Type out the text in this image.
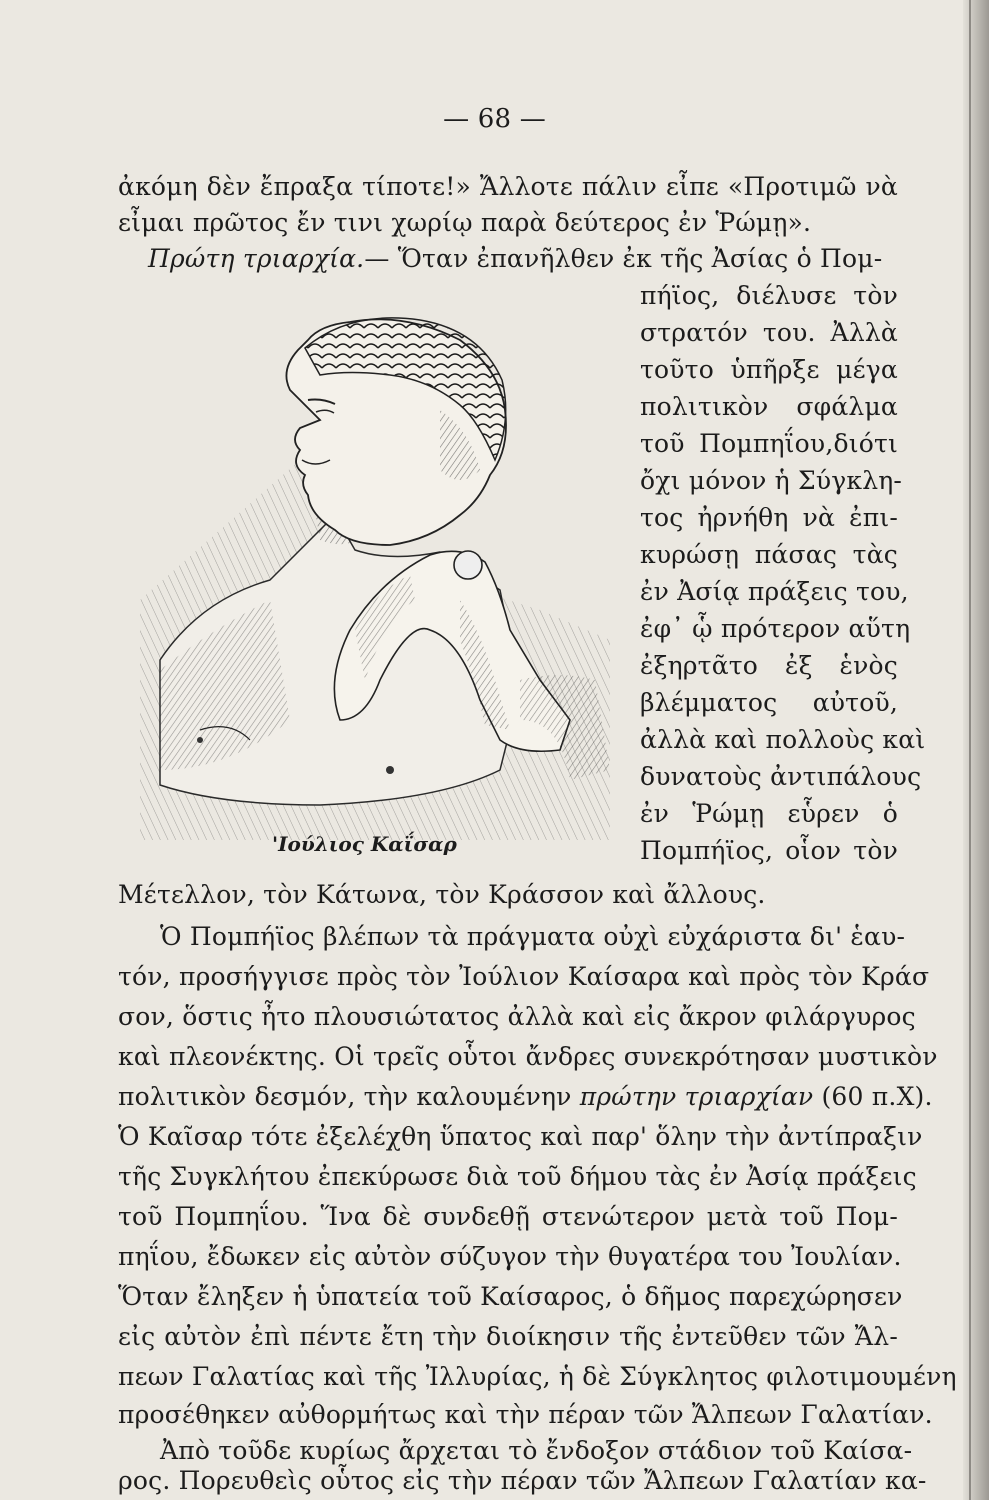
— 68 —
ἀκόμη δὲν ἔπραξα τίποτε!» Ἄλλοτε πάλιν εἶπε «Προτιμῶ νὰ
εἶμαι πρῶτος ἔν τινι χωρίῳ παρὰ δεύτερος ἐν Ῥώμῃ».
Πρώτη τριαρχία.— Ὅταν ἐπανῆλθεν ἐκ τῆς Ἀσίας ὁ Πομ-
πήϊος, διέλυσε τὸν
στρατόν του. Ἀλλὰ
τοῦτο ὑπῆρξε μέγα
πολιτικὸν σφάλμα
τοῦ Πομπηΐου,διότι
ὄχι μόνον ἡ Σύγκλη-
τος ἠρνήθη νὰ ἐπι-
κυρώσῃ πάσας τὰς
ἐν Ἀσίᾳ πράξεις του,
ἐφ᾽ ᾧ πρότερον αὕτη
ἐξηρτᾶτο ἐξ ἑνὸς
βλέμματος αὐτοῦ,
ἀλλὰ καὶ πολλοὺς καὶ
δυνατοὺς ἀντιπάλους
ἐν Ῥώμῃ εὗρεν ὁ
Πομπήϊος, οἷον τὸν
'Ιούλιος Καΐσαρ
Μέτελλον, τὸν Κάτωνα, τὸν Κράσσον καὶ ἄλλους.
Ὁ Πομπήϊος βλέπων τὰ πράγματα οὐχὶ εὐχάριστα δι' ἑαυ-
τόν, προσήγγισε πρὸς τὸν Ἰούλιον Καίσαρα καὶ πρὸς τὸν Κράσ
σον, ὅστις ἦτο πλουσιώτατος ἀλλὰ καὶ εἰς ἄκρον φιλάργυρος
καὶ πλεονέκτης. Οἱ τρεῖς οὗτοι ἄνδρες συνεκρότησαν μυστικὸν
πολιτικὸν δεσμόν, τὴν καλουμένην πρώτην τριαρχίαν (60 π.Χ).
Ὁ Καῖσαρ τότε ἐξελέχθη ὕπατος καὶ παρ' ὅλην τὴν ἀντίπραξιν
τῆς Συγκλήτου ἐπεκύρωσε διὰ τοῦ δήμου τὰς ἐν Ἀσίᾳ πράξεις
τοῦ Πομπηΐου. Ἵνα δὲ συνδεθῇ στενώτερον μετὰ τοῦ Πομ-
πηΐου, ἔδωκεν εἰς αὐτὸν σύζυγον τὴν θυγατέρα του Ἰουλίαν.
Ὅταν ἔληξεν ἡ ὑπατεία τοῦ Καίσαρος, ὁ δῆμος παρεχώρησεν
εἰς αὐτὸν ἐπὶ πέντε ἔτη τὴν διοίκησιν τῆς ἐντεῦθεν τῶν Ἄλ-
πεων Γαλατίας καὶ τῆς Ἰλλυρίας, ἡ δὲ Σύγκλητος φιλοτιμουμένη
προσέθηκεν αὐθορμήτως καὶ τὴν πέραν τῶν Ἄλπεων Γαλατίαν.
Ἀπὸ τοῦδε κυρίως ἄρχεται τὸ ἔνδοξον στάδιον τοῦ Καίσα-
ρος. Πορευθεὶς οὗτος εἰς τὴν πέραν τῶν Ἄλπεων Γαλατίαν κα-
